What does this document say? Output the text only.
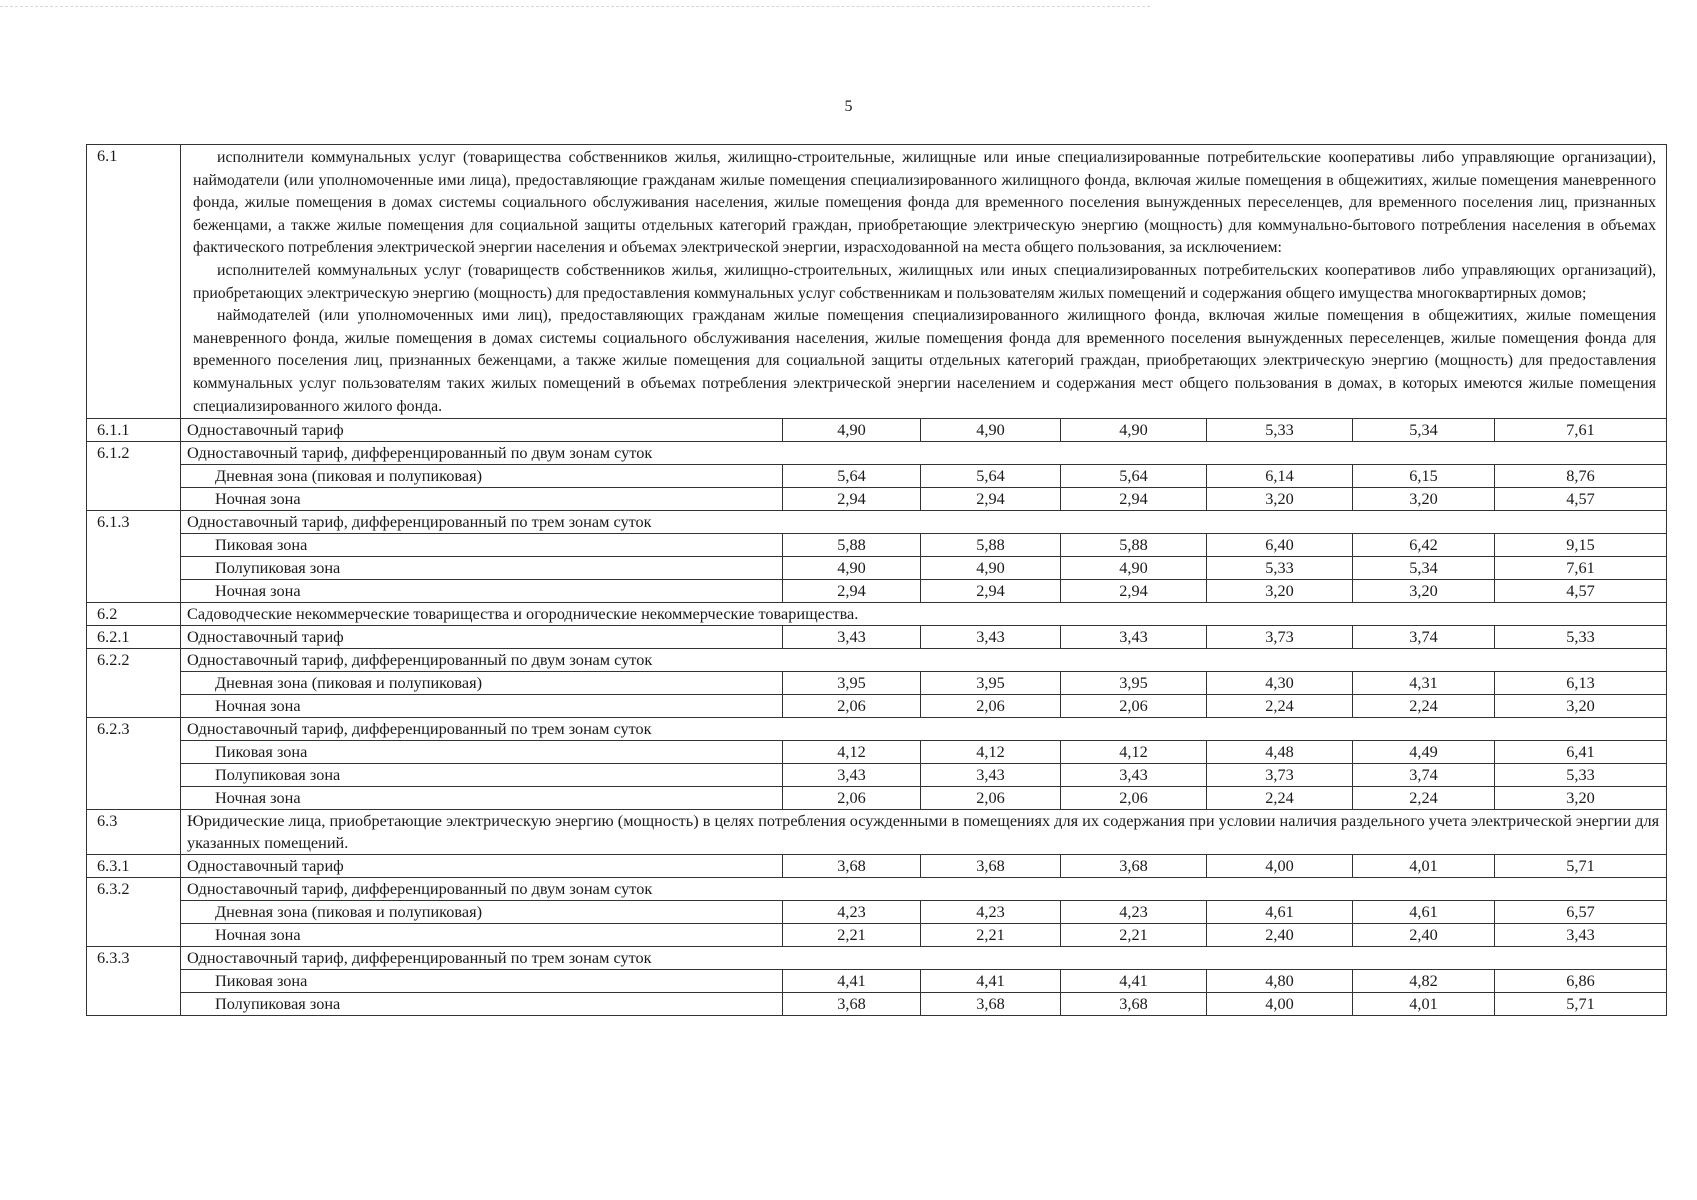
5
6.1	исполнители коммунальных услуг (товарищества собственников жилья, жилищно-строительные, жилищные или иные специализированные потребительские кооперативы либо управляющие организации), наймодатели (или уполномоченные ими лица), предоставляющие гражданам жилые помещения специализированного жилищного фонда, включая жилые помещения в общежитиях, жилые помещения маневренного фонда, жилые помещения в домах системы социального обслуживания населения, жилые помещения фонда для временного поселения вынужденных переселенцев, для временного поселения лиц, признанных беженцами, а также жилые помещения для социальной защиты отдельных категорий граждан, приобретающие электрическую энергию (мощность) для коммунально-бытового потребления населения в объемах фактического потребления электрической энергии населения и объемах электрической энергии, израсходованной на места общего пользования, за исключением:

исполнителей коммунальных услуг (товариществ собственников жилья, жилищно-строительных, жилищных или иных специализированных потребительских кооперативов либо управляющих организаций), приобретающих электрическую энергию (мощность) для предоставления коммунальных услуг собственникам и пользователям жилых помещений и содержания общего имущества многоквартирных домов;

наймодателей (или уполномоченных ими лиц), предоставляющих гражданам жилые помещения специализированного жилищного фонда, включая жилые помещения в общежитиях, жилые помещения маневренного фонда, жилые помещения в домах системы социального обслуживания населения, жилые помещения фонда для временного поселения вынужденных переселенцев, жилые помещения фонда для временного поселения лиц, признанных беженцами, а также жилые помещения для социальной защиты отдельных категорий граждан, приобретающих электрическую энергию (мощность) для предоставления коммунальных услуг пользователям таких жилых помещений в объемах потребления электрической энергии населением и содержания мест общего пользования в домах, в которых имеются жилые помещения специализированного жилого фонда.						

6.1.1	Одноставочный тариф	4,90	4,90	4,90	5,33	5,34	7,61
6.1.2	Одноставочный тариф, дифференцированный по двум зонам суток						
	Дневная зона (пиковая и полупиковая)	5,64	5,64	5,64	6,14	6,15	8,76
	Ночная зона	2,94	2,94	2,94	3,20	3,20	4,57
6.1.3	Одноставочный тариф, дифференцированный по трем зонам суток						
	Пиковая зона	5,88	5,88	5,88	6,40	6,42	9,15
	Полупиковая зона	4,90	4,90	4,90	5,33	5,34	7,61
	Ночная зона	2,94	2,94	2,94	3,20	3,20	4,57
6.2	Садоводческие некоммерческие товарищества и огороднические некоммерческие товарищества.						
6.2.1	Одноставочный тариф	3,43	3,43	3,43	3,73	3,74	5,33
6.2.2	Одноставочный тариф, дифференцированный по двум зонам суток						
	Дневная зона (пиковая и полупиковая)	3,95	3,95	3,95	4,30	4,31	6,13
	Ночная зона	2,06	2,06	2,06	2,24	2,24	3,20
6.2.3	Одноставочный тариф, дифференцированный по трем зонам суток						
	Пиковая зона	4,12	4,12	4,12	4,48	4,49	6,41
	Полупиковая зона	3,43	3,43	3,43	3,73	3,74	5,33
	Ночная зона	2,06	2,06	2,06	2,24	2,24	3,20
6.3	Юридические лица, приобретающие электрическую энергию (мощность) в целях потребления осужденными в помещениях для их содержания при условии наличия раздельного учета электрической энергии для указанных помещений.						
6.3.1	Одноставочный тариф	3,68	3,68	3,68	4,00	4,01	5,71
6.3.2	Одноставочный тариф, дифференцированный по двум зонам суток						
	Дневная зона (пиковая и полупиковая)	4,23	4,23	4,23	4,61	4,61	6,57
	Ночная зона	2,21	2,21	2,21	2,40	2,40	3,43
6.3.3	Одноставочный тариф, дифференцированный по трем зонам суток						
	Пиковая зона	4,41	4,41	4,41	4,80	4,82	6,86
	Полупиковая зона	3,68	3,68	3,68	4,00	4,01	5,71
